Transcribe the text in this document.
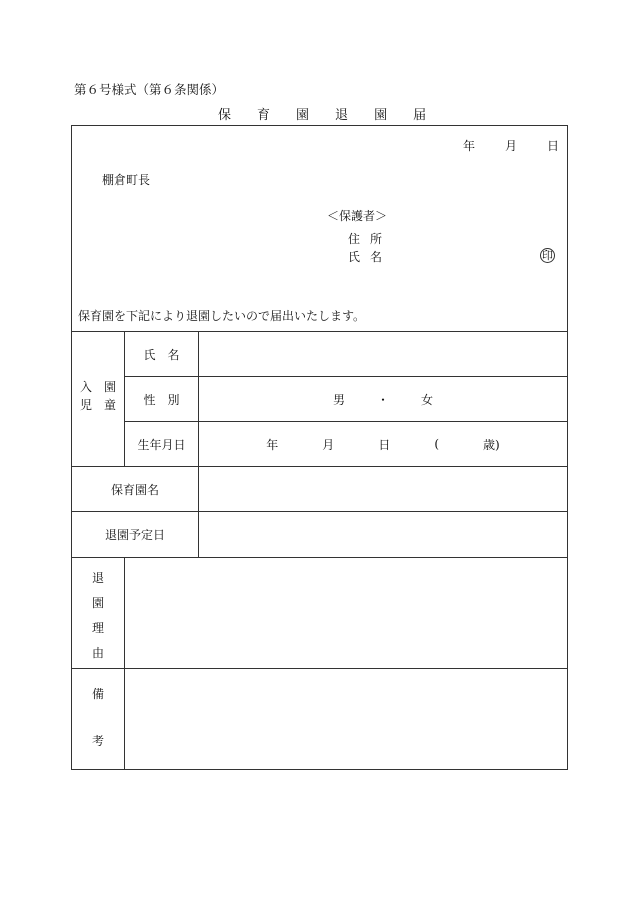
第６号様式（第６条関係）
保 育 園 退 園 届
年	月	日
棚倉町長
＜保護者＞
住所
氏名	印
保育園を下記により退園したいので届出いたします。
入　園
児　童
氏　名
性　別	男	・	女
生年月日	年	月	日	(	歳)
保育園名
退園予定日
退
園
理
由
備
考
